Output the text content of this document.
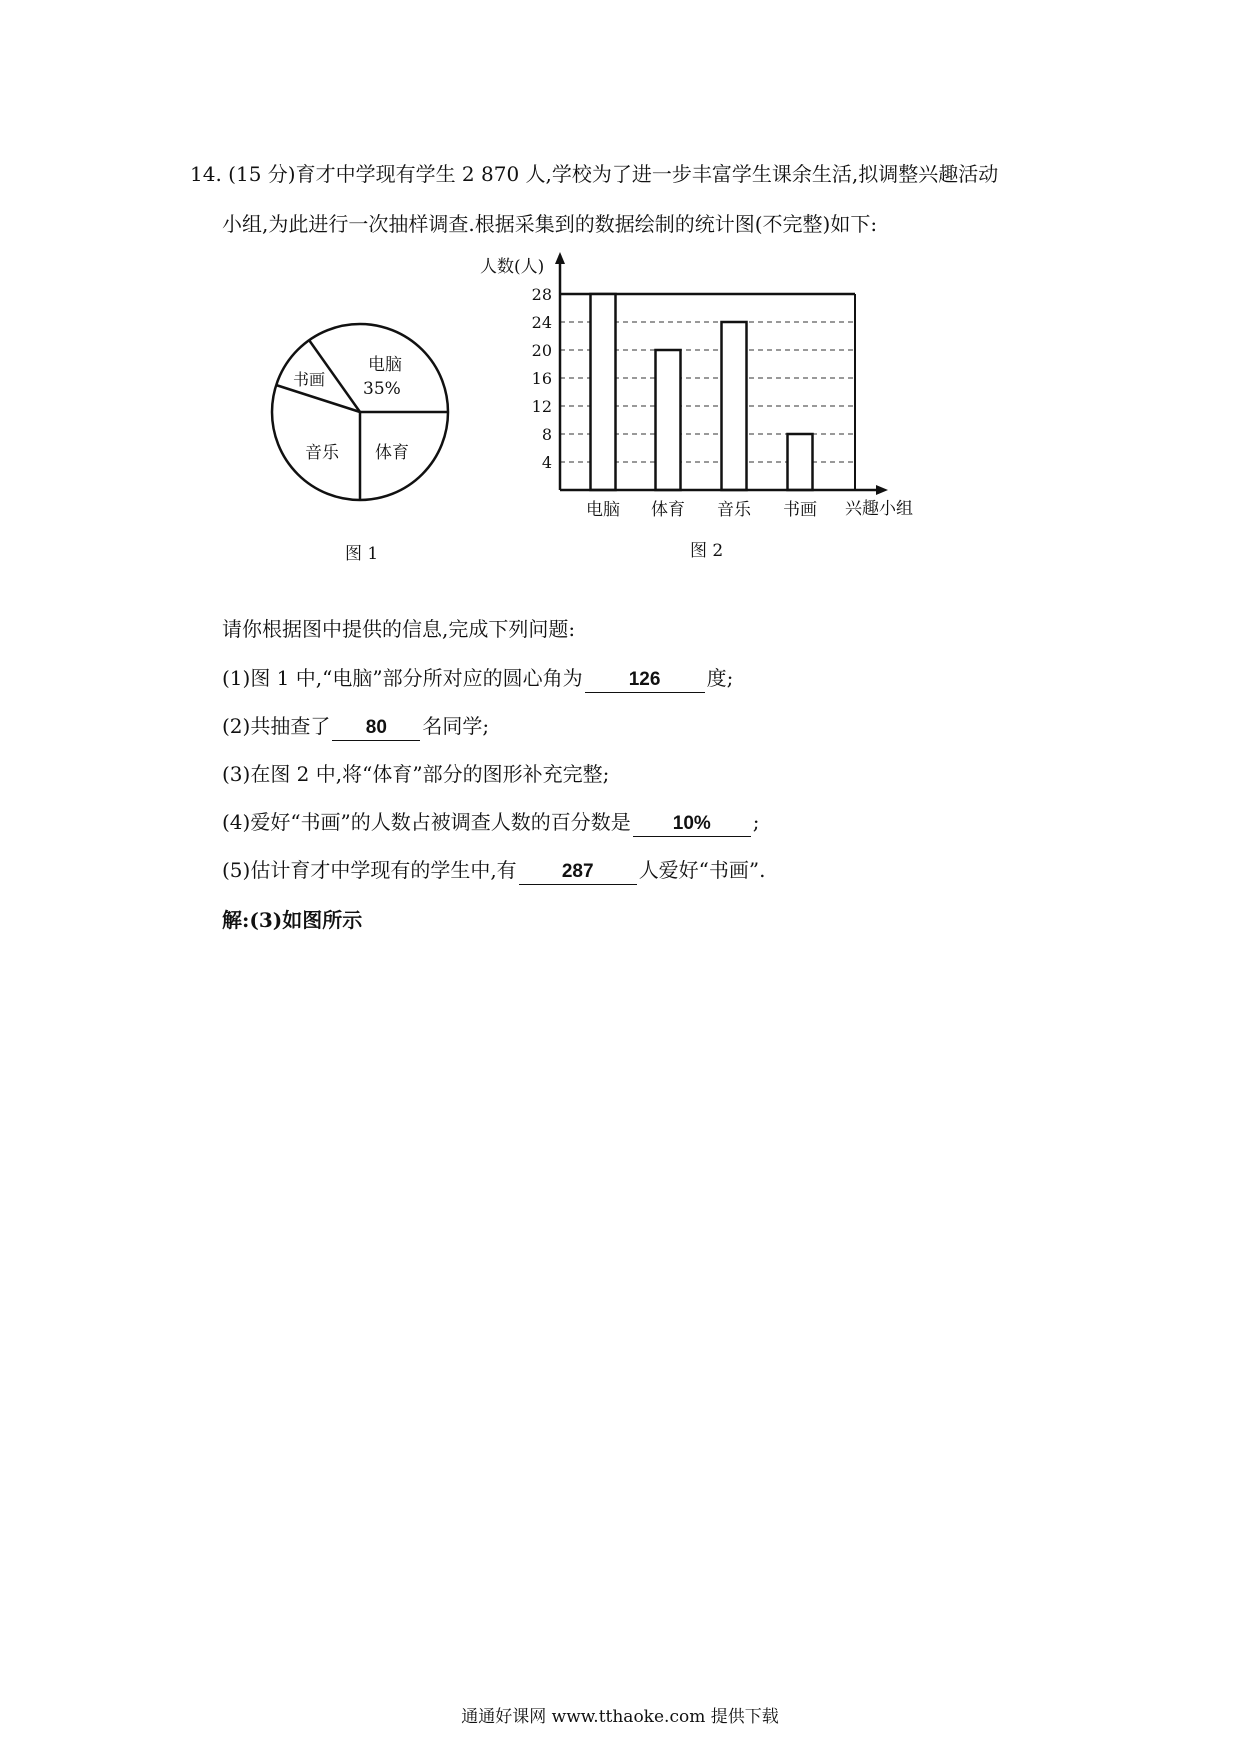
14. (15 分)育才中学现有学生 2 870 人,学校为了进一步丰富学生课余生活,拟调整兴趣活动
小组,为此进行一次抽样调查.根据采集到的数据绘制的统计图(不完整)如下:
电脑
35%
书画
音乐 体育
图 1
人数(人)
4
8
12
16
20
24
28
电脑 体育 音乐 书画 兴趣小组
图 2
请你根据图中提供的信息,完成下列问题:
(1)图 1 中,“电脑”部分所对应的圆心角为 126 度;
(2)共抽查了 80 名同学;
(3)在图 2 中,将“体育”部分的图形补充完整;
(4)爱好“书画”的人数占被调查人数的百分数是 10% ;
(5)估计育才中学现有的学生中,有 287 人爱好“书画”.
解:(3)如图所示
通通好课网 www.tthaoke.com 提供下载
